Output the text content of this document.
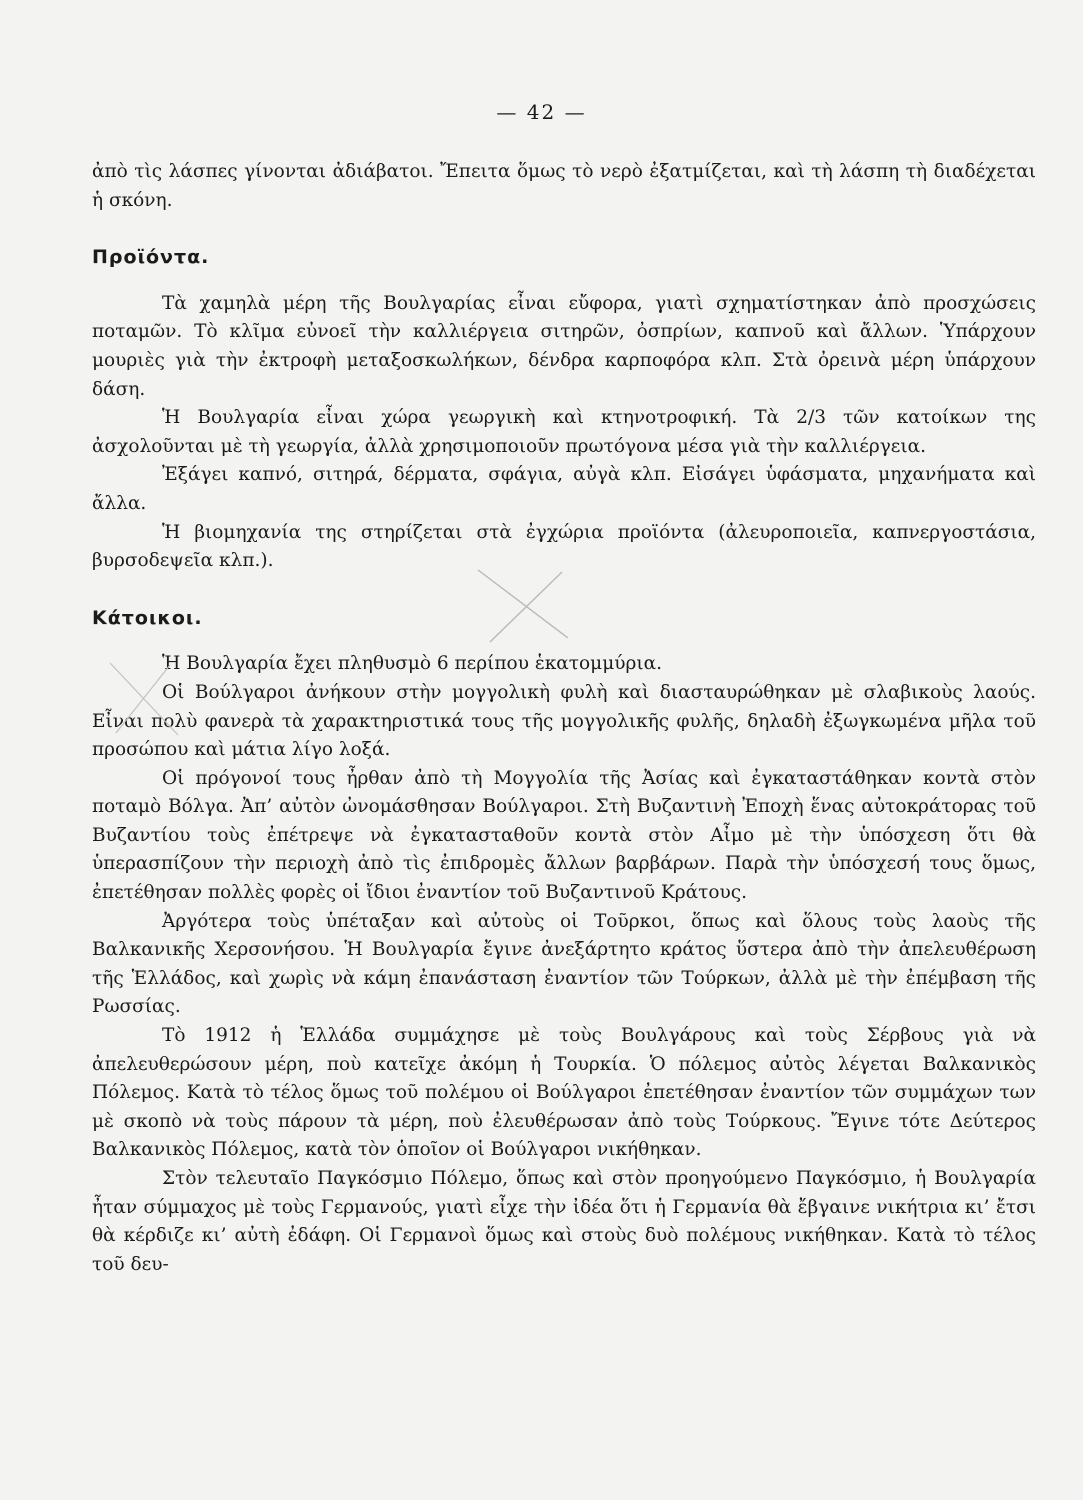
— 42 —

ἀπὸ τὶς λάσπες γίνονται ἀδιάβατοι. Ἔπειτα ὅμως τὸ νερὸ ἐξατμίζεται, καὶ τὴ λάσπη τὴ διαδέχεται ἡ σκόνη.

Προϊόντα.

Τὰ χαμηλὰ μέρη τῆς Βουλγαρίας εἶναι εὔφορα, γιατὶ σχηματίστηκαν ἀπὸ προσχώσεις ποταμῶν. Τὸ κλῖμα εὐνοεῖ τὴν καλλιέργεια σιτηρῶν, ὀσπρίων, καπνοῦ καὶ ἄλλων. Ὑπάρχουν μουριὲς γιὰ τὴν ἐκτροφὴ μεταξοσκωλήκων, δένδρα καρποφόρα κλπ. Στὰ ὀρεινὰ μέρη ὑπάρχουν δάση.

Ἡ Βουλγαρία εἶναι χώρα γεωργικὴ καὶ κτηνοτροφική. Τὰ 2/3 τῶν κατοίκων της ἀσχολοῦνται μὲ τὴ γεωργία, ἀλλὰ χρησιμοποιοῦν πρωτόγονα μέσα γιὰ τὴν καλλιέργεια.

Ἐξάγει καπνό, σιτηρά, δέρματα, σφάγια, αὐγὰ κλπ. Εἰσάγει ὑφάσματα, μηχανήματα καὶ ἄλλα.

Ἡ βιομηχανία της στηρίζεται στὰ ἐγχώρια προϊόντα (ἀλευροποιεῖα, καπνεργοστάσια, βυρσοδεψεῖα κλπ.).

Κάτοικοι.

Ἡ Βουλγαρία ἔχει πληθυσμὸ 6 περίπου ἑκατομμύρια.

Οἱ Βούλγαροι ἀνήκουν στὴν μογγολικὴ φυλὴ καὶ διασταυρώθηκαν μὲ σλαβικοὺς λαούς. Εἶναι πολὺ φανερὰ τὰ χαρακτηριστικά τους τῆς μογγολικῆς φυλῆς, δηλαδὴ ἐξωγκωμένα μῆλα τοῦ προσώπου καὶ μάτια λίγο λοξά.

Οἱ πρόγονοί τους ἦρθαν ἀπὸ τὴ Μογγολία τῆς Ἀσίας καὶ ἐγκαταστάθηκαν κοντὰ στὸν ποταμὸ Βόλγα. Ἀπ’ αὐτὸν ὠνομάσθησαν Βούλγαροι. Στὴ Βυζαντινὴ Ἐποχὴ ἕνας αὐτοκράτορας τοῦ Βυζαντίου τοὺς ἐπέτρεψε νὰ ἐγκατασταθοῦν κοντὰ στὸν Αἶμο μὲ τὴν ὑπόσχεση ὅτι θὰ ὑπερασπίζουν τὴν περιοχὴ ἀπὸ τὶς ἐπιδρομὲς ἄλλων βαρβάρων. Παρὰ τὴν ὑπόσχεσή τους ὅμως, ἐπετέθησαν πολλὲς φορὲς οἱ ἴδιοι ἐναντίον τοῦ Βυζαντινοῦ Κράτους.

Ἀργότερα τοὺς ὑπέταξαν καὶ αὐτοὺς οἱ Τοῦρκοι, ὅπως καὶ ὅλους τοὺς λαοὺς τῆς Βαλκανικῆς Χερσονήσου. Ἡ Βουλγαρία ἔγινε ἀνεξάρτητο κράτος ὕστερα ἀπὸ τὴν ἀπελευθέρωση τῆς Ἑλλάδος, καὶ χωρὶς νὰ κάμη ἐπανάσταση ἐναντίον τῶν Τούρκων, ἀλλὰ μὲ τὴν ἐπέμβαση τῆς Ρωσσίας.

Τὸ 1912 ἡ Ἑλλάδα συμμάχησε μὲ τοὺς Βουλγάρους καὶ τοὺς Σέρβους γιὰ νὰ ἀπελευθερώσουν μέρη, ποὺ κατεῖχε ἀκόμη ἡ Τουρκία. Ὁ πόλεμος αὐτὸς λέγεται Βαλκανικὸς Πόλεμος. Κατὰ τὸ τέλος ὅμως τοῦ πολέμου οἱ Βούλγαροι ἐπετέθησαν ἐναντίον τῶν συμμάχων των μὲ σκοπὸ νὰ τοὺς πάρουν τὰ μέρη, ποὺ ἐλευθέρωσαν ἀπὸ τοὺς Τούρκους. Ἔγινε τότε Δεύτερος Βαλκανικὸς Πόλεμος, κατὰ τὸν ὁποῖον οἱ Βούλγαροι νικήθηκαν.

Στὸν τελευταῖο Παγκόσμιο Πόλεμο, ὅπως καὶ στὸν προηγούμενο Παγκόσμιο, ἡ Βουλγαρία ἦταν σύμμαχος μὲ τοὺς Γερμανούς, γιατὶ εἶχε τὴν ἰδέα ὅτι ἡ Γερμανία θὰ ἔβγαινε νικήτρια κι’ ἔτσι θὰ κέρδιζε κι’ αὐτὴ ἐδάφη. Οἱ Γερμανοὶ ὅμως καὶ στοὺς δυὸ πολέμους νικήθηκαν. Κατὰ τὸ τέλος τοῦ δευ-
